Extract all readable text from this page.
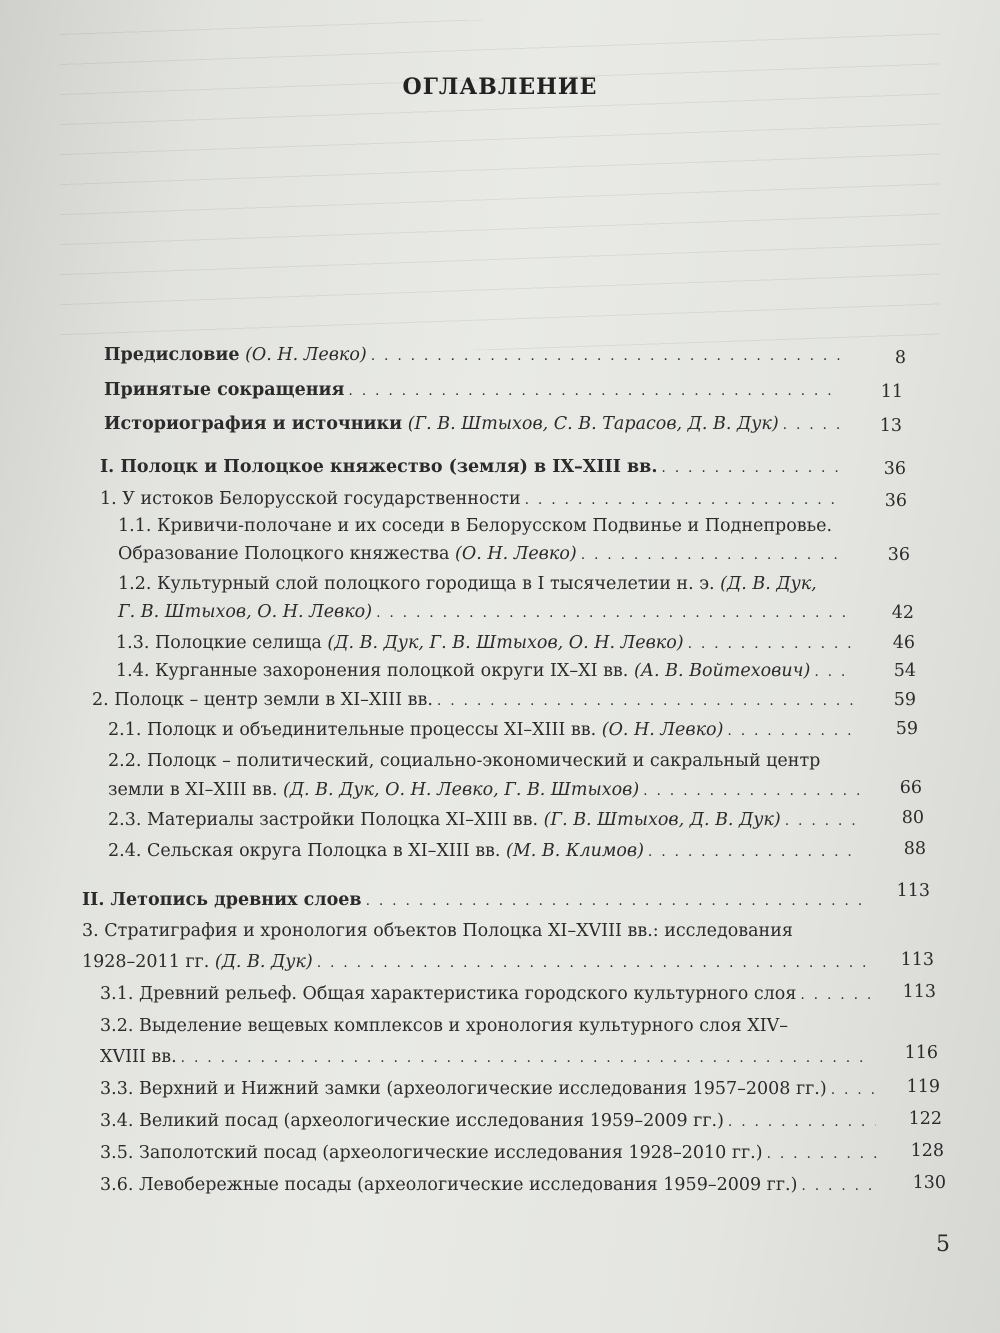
ОГЛАВЛЕНИЕ
Предисловие (О. Н. Левко) . . .	8
Принятые сокращения . . .	11
Историография и источники (Г. В. Штыхов, С. В. Тарасов, Д. В. Дук) . . .	13
I. Полоцк и Полоцкое княжество (земля) в IX–XIII вв. . . .	36
1. У истоков Белорусской государственности . . .	36
1.1. Кривичи-полочане и их соседи в Белорусском Подвинье и Поднепровье.
Образование Полоцкого княжества (О. Н. Левко) . . .	36
1.2. Культурный слой полоцкого городища в I тысячелетии н. э. (Д. В. Дук,
Г. В. Штыхов, О. Н. Левко) . . .	42
1.3. Полоцкие селища (Д. В. Дук, Г. В. Штыхов, О. Н. Левко) . . .	46
1.4. Курганные захоронения полоцкой округи IX–XI вв. (А. В. Войтехович) . . .	54
2. Полоцк – центр земли в XI–XIII вв. . . .	59
2.1. Полоцк и объединительные процессы XI–XIII вв. (О. Н. Левко) . . .	59
2.2. Полоцк – политический, социально-экономический и сакральный центр
земли в XI–XIII вв. (Д. В. Дук, О. Н. Левко, Г. В. Штыхов) . . .	66
2.3. Материалы застройки Полоцка XI–XIII вв. (Г. В. Штыхов, Д. В. Дук) . . .	80
2.4. Сельская округа Полоцка в XI–XIII вв. (М. В. Климов) . . .	88
II. Летопись древних слоев . . .	113
3. Стратиграфия и хронология объектов Полоцка XI–XVIII вв.: исследования
1928–2011 гг. (Д. В. Дук) . . .	113
3.1. Древний рельеф. Общая характеристика городского культурного слоя . . .	113
3.2. Выделение вещевых комплексов и хронология культурного слоя XIV–
XVIII вв. . . .	116
3.3. Верхний и Нижний замки (археологические исследования 1957–2008 гг.) . . .	119
3.4. Великий посад (археологические исследования 1959–2009 гг.) . . .	122
3.5. Заполотский посад (археологические исследования 1928–2010 гг.) . . .	128
3.6. Левобережные посады (археологические исследования 1959–2009 гг.) . . .	130
5
